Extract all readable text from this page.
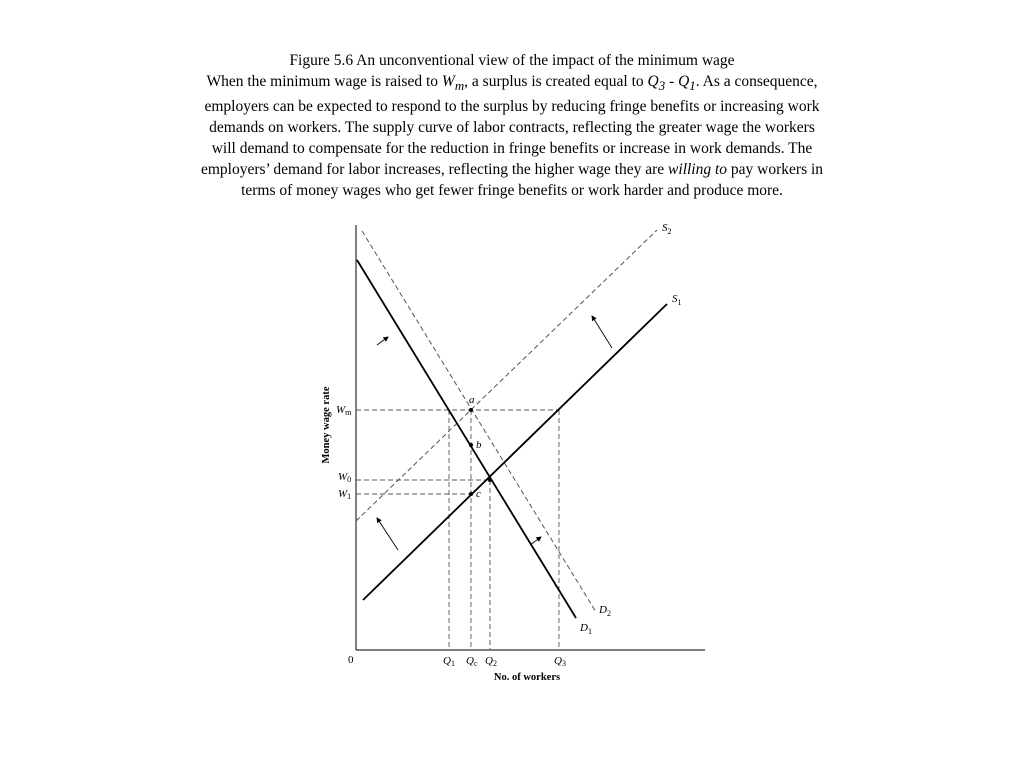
Figure 5.6 An unconventional view of the impact of the minimum wage

When the minimum wage is raised to $W_m$, a surplus is created equal to $Q_3 - Q_1$. As a consequence, employers can be expected to respond to the surplus by reducing fringe benefits or increasing work demands on workers. The supply curve of labor contracts, reflecting the greater wage the workers will demand to compensate for the reduction in fringe benefits or increase in work demands. The employers’ demand for labor increases, reflecting the higher wage they are willing to pay workers in terms of money wages who get fewer fringe benefits or work harder and produce more.

a
b
c
$S_2$
$S_1$
$D_2$
$D_1$
Wm
W0
W1
Q1 Qc Q2	Q3
0
No. of workers
Money wage rate
